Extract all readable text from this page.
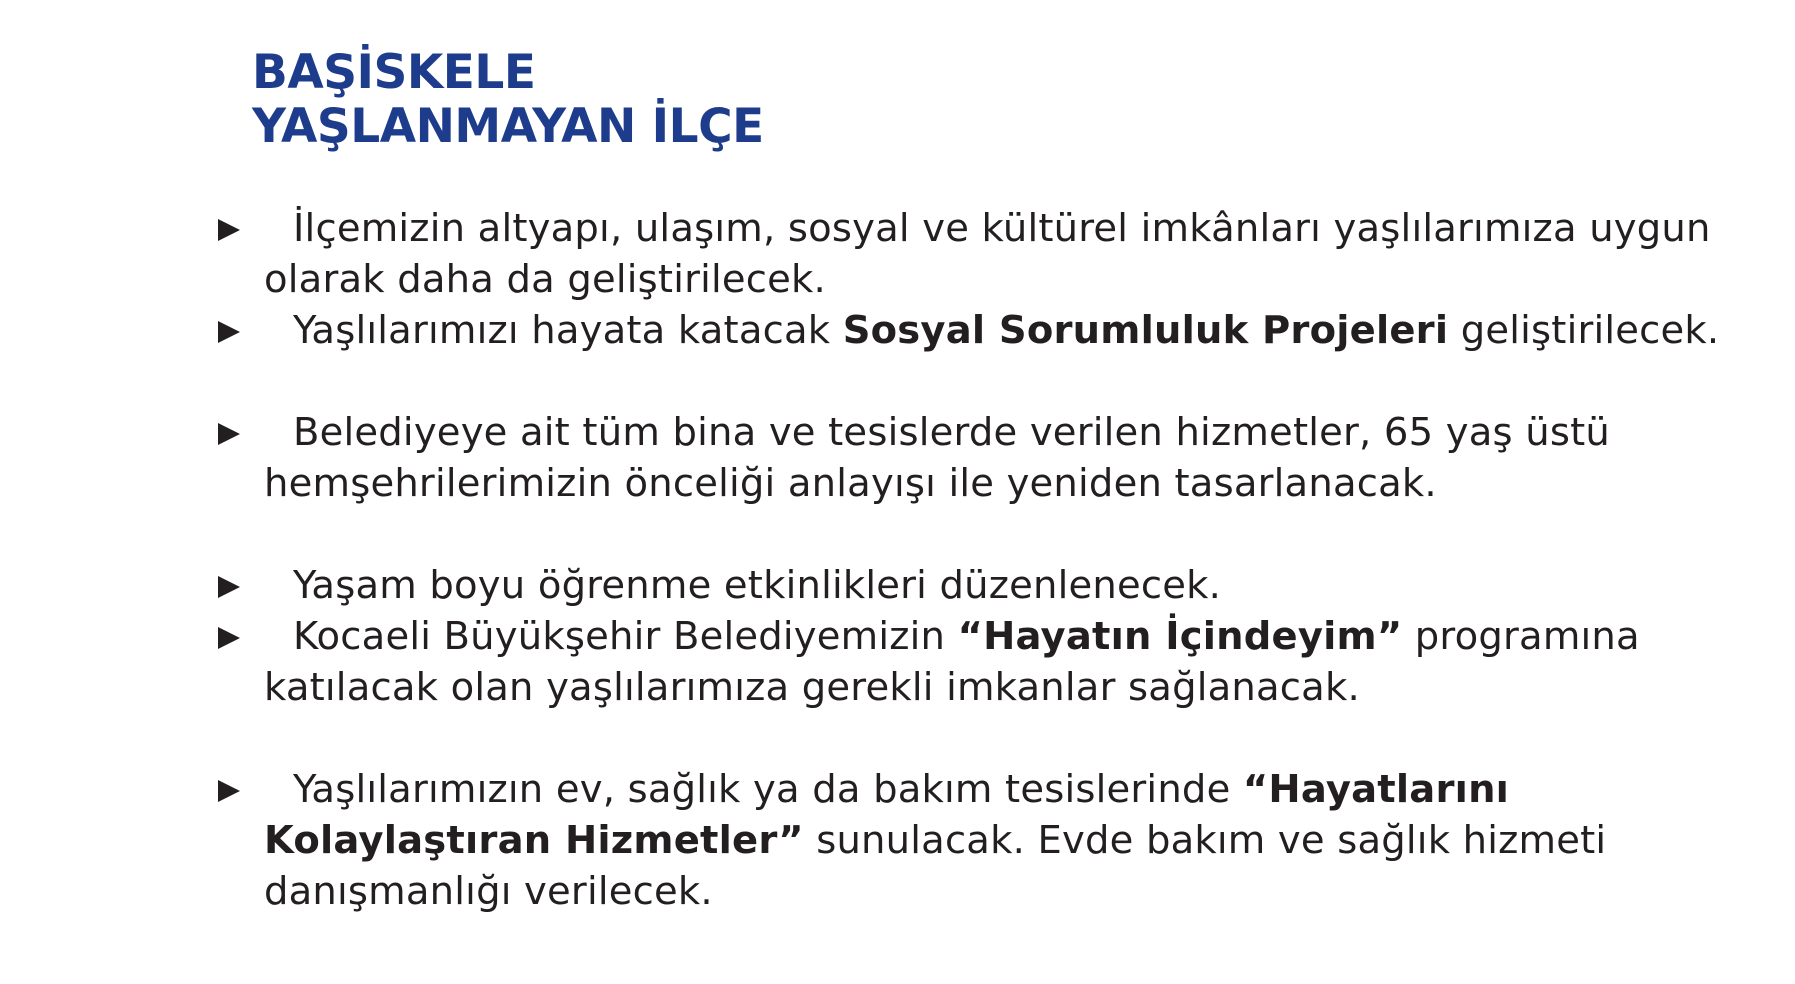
BAŞİSKELE
YAŞLANMAYAN İLÇE
İlçemizin altyapı, ulaşım, sosyal ve kültürel imkânları yaşlılarımıza uygun olarak daha da geliştirilecek.
Yaşlılarımızı hayata katacak Sosyal Sorumluluk Projeleri geliştirilecek.
Belediyeye ait tüm bina ve tesislerde verilen hizmetler, 65 yaş üstü hemşehrilerimizin önceliği anlayışı ile yeniden tasarlanacak.
Yaşam boyu öğrenme etkinlikleri düzenlenecek.
Kocaeli Büyükşehir Belediyemizin “Hayatın İçindeyim” programına katılacak olan yaşlılarımıza gerekli imkanlar sağlanacak.
Yaşlılarımızın ev, sağlık ya da bakım tesislerinde “Hayatlarını Kolaylaştıran Hizmetler” sunulacak. Evde bakım ve sağlık hizmeti danışmanlığı verilecek.
